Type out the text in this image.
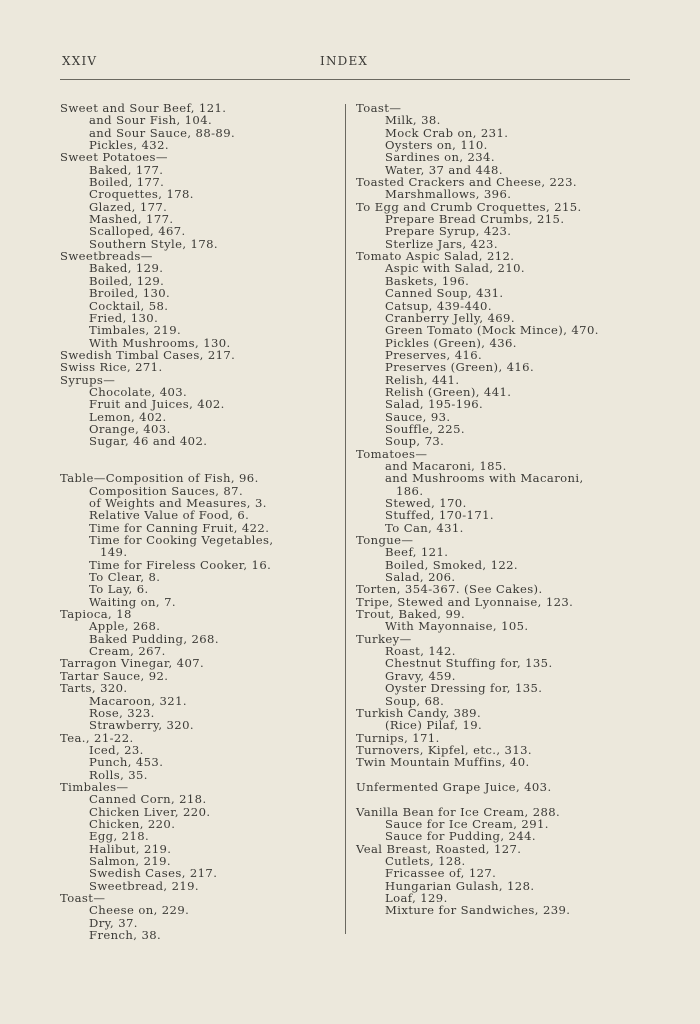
XXIV	INDEX
Sweet and Sour Beef, 121.
and Sour Fish, 104.
and Sour Sauce, 88-89.
Pickles, 432.
Sweet Potatoes—
Baked, 177.
Boiled, 177.
Croquettes, 178.
Glazed, 177.
Mashed, 177.
Scalloped, 467.
Southern Style, 178.
Sweetbreads—
Baked, 129.
Boiled, 129.
Broiled, 130.
Cocktail, 58.
Fried, 130.
Timbales, 219.
With Mushrooms, 130.
Swedish Timbal Cases, 217.
Swiss Rice, 271.
Syrups—
Chocolate, 403.
Fruit and Juices, 402.
Lemon, 402.
Orange, 403.
Sugar, 46 and 402.
Table—Composition of Fish, 96.
Composition Sauces, 87.
of Weights and Measures, 3.
Relative Value of Food, 6.
Time for Canning Fruit, 422.
Time for Cooking Vegetables,
149.
Time for Fireless Cooker, 16.
To Clear, 8.
To Lay, 6.
Waiting on, 7.
Tapioca, 18
Apple, 268.
Baked Pudding, 268.
Cream, 267.
Tarragon Vinegar, 407.
Tartar Sauce, 92.
Tarts, 320.
Macaroon, 321.
Rose, 323.
Strawberry, 320.
Tea., 21-22.
Iced, 23.
Punch, 453.
Rolls, 35.
Timbales—
Canned Corn, 218.
Chicken Liver, 220.
Chicken, 220.
Egg, 218.
Halibut, 219.
Salmon, 219.
Swedish Cases, 217.
Sweetbread, 219.
Toast—
Cheese on, 229.
Dry, 37.
French, 38.
Toast—
Milk, 38.
Mock Crab on, 231.
Oysters on, 110.
Sardines on, 234.
Water, 37 and 448.
Toasted Crackers and Cheese, 223.
Marshmallows, 396.
To Egg and Crumb Croquettes, 215.
Prepare Bread Crumbs, 215.
Prepare Syrup, 423.
Sterlize Jars, 423.
Tomato Aspic Salad, 212.
Aspic with Salad, 210.
Baskets, 196.
Canned Soup, 431.
Catsup, 439-440.
Cranberry Jelly, 469.
Green Tomato (Mock Mince), 470.
Pickles (Green), 436.
Preserves, 416.
Preserves (Green), 416.
Relish, 441.
Relish (Green), 441.
Salad, 195-196.
Sauce, 93.
Souffle, 225.
Soup, 73.
Tomatoes—
and Macaroni, 185.
and Mushrooms with Macaroni,
186.
Stewed, 170.
Stuffed, 170-171.
To Can, 431.
Tongue—
Beef, 121.
Boiled, Smoked, 122.
Salad, 206.
Torten, 354-367. (See Cakes).
Tripe, Stewed and Lyonnaise, 123.
Trout, Baked, 99.
With Mayonnaise, 105.
Turkey—
Roast, 142.
Chestnut Stuffing for, 135.
Gravy, 459.
Oyster Dressing for, 135.
Soup, 68.
Turkish Candy, 389.
(Rice) Pilaf, 19.
Turnips, 171.
Turnovers, Kipfel, etc., 313.
Twin Mountain Muffins, 40.
Unfermented Grape Juice, 403.
Vanilla Bean for Ice Cream, 288.
Sauce for Ice Cream, 291.
Sauce for Pudding, 244.
Veal Breast, Roasted, 127.
Cutlets, 128.
Fricassee of, 127.
Hungarian Gulash, 128.
Loaf, 129.
Mixture for Sandwiches, 239.
